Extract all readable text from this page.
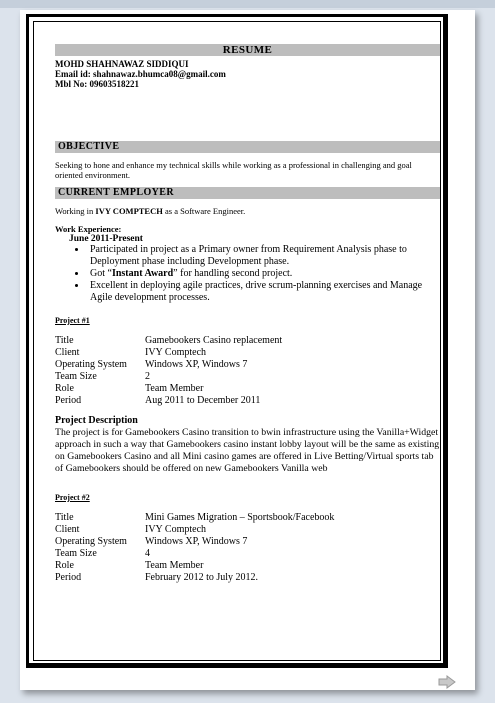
RESUME
MOHD SHAHNAWAZ SIDDIQUI
Email id: shahnawaz.bhumca08@gmail.com
Mbl No: 09603518221
OBJECTIVE
Seeking to hone and enhance my technical skills while working as a professional in challenging and goal oriented environment.
CURRENT EMPLOYER
Working in IVY COMPTECH as a Software Engineer.
Work Experience:
June 2011-Present
• Participated in project as a Primary owner from Requirement Analysis phase to Deployment phase including Development phase.
• Got “Instant Award” for handling second project.
• Excellent in deploying agile practices, drive scrum-planning exercises and Manage Agile development processes.
Project #1
Title	Gamebookers Casino replacement
Client	IVY Comptech
Operating System	Windows XP, Windows 7
Team Size	2
Role	Team Member
Period	Aug 2011 to December 2011
Project Description
The project is for Gamebookers Casino transition to bwin infrastructure using the Vanilla+Widget approach in such a way that Gamebookers casino instant lobby layout will be the same as existing on Gamebookers Casino and all Mini casino games are offered in Live Betting/Virtual sports tab of Gamebookers should be offered on new Gamebookers Vanilla web
Project #2
Title	Mini Games Migration – Sportsbook/Facebook
Client	IVY Comptech
Operating System	Windows XP, Windows 7
Team Size	4
Role	Team Member
Period	February 2012 to July 2012.
